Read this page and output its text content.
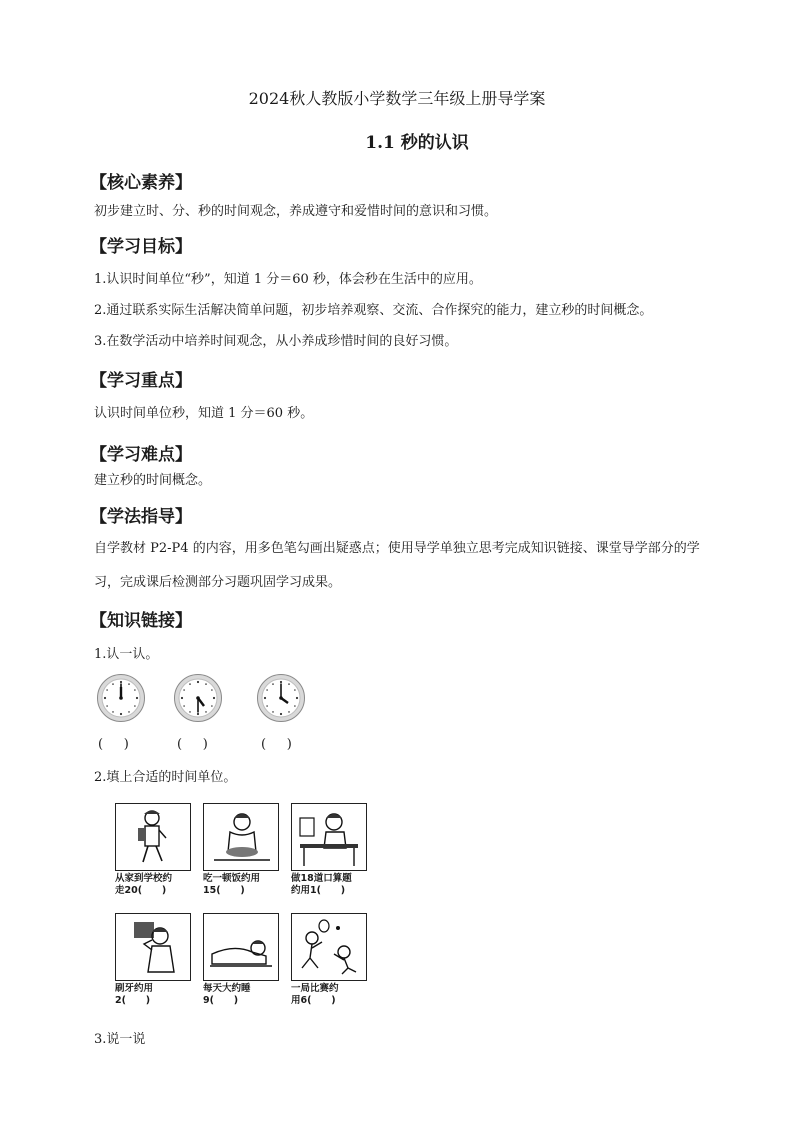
2024秋人教版小学数学三年级上册导学案
1.1 秒的认识
【核心素养】
初步建立时、分、秒的时间观念，养成遵守和爱惜时间的意识和习惯。
【学习目标】
1.认识时间单位“秒”，知道 1 分＝60 秒，体会秒在生活中的应用。
2.通过联系实际生活解决简单问题，初步培养观察、交流、合作探究的能力，建立秒的时间概念。
3.在数学活动中培养时间观念，从小养成珍惜时间的良好习惯。
【学习重点】
认识时间单位秒，知道 1 分＝60 秒。
【学习难点】
建立秒的时间概念。
【学法指导】
自学教材 P2-P4 的内容，用多色笔勾画出疑惑点；使用导学单独立思考完成知识链接、课堂导学部分的学习，完成课后检测部分习题巩固学习成果。
【知识链接】
1.认一认。
(     )	(     )	(     )
2.填上合适的时间单位。
从家到学校约
走20(      )
吃一顿饭约用
15(      )
做18道口算题
约用1(      )
刷牙约用
2(      )
每天大约睡
9(      )
一局比赛约
用6(      )
3.说一说
